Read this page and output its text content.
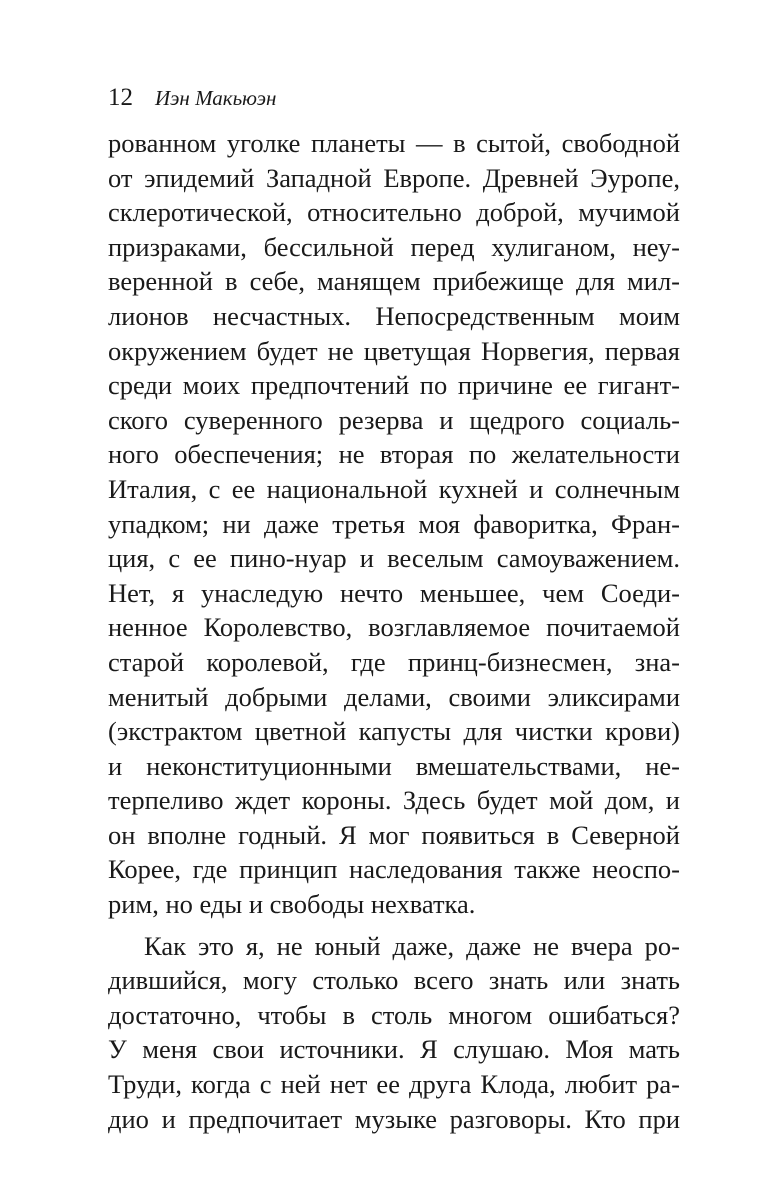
12 Иэн Макьюэн
рованном уголке планеты — в сытой, свободной
от эпидемий Западной Европе. Древней Эуропе,
склеротической, относительно доброй, мучимой
призраками, бессильной перед хулиганом, неу-
веренной в себе, манящем прибежище для мил-
лионов несчастных. Непосредственным моим
окружением будет не цветущая Норвегия, первая
среди моих предпочтений по причине ее гигант-
ского суверенного резерва и щедрого социаль-
ного обеспечения; не вторая по желательности
Италия, с ее национальной кухней и солнечным
упадком; ни даже третья моя фаворитка, Фран-
ция, с ее пино-нуар и веселым самоуважением.
Нет, я унаследую нечто меньшее, чем Соеди-
ненное Королевство, возглавляемое почитаемой
старой королевой, где принц-бизнесмен, зна-
менитый добрыми делами, своими эликсирами
(экстрактом цветной капусты для чистки крови)
и неконституционными вмешательствами, не-
терпеливо ждет короны. Здесь будет мой дом, и
он вполне годный. Я мог появиться в Северной
Корее, где принцип наследования также неоспо-
рим, но еды и свободы нехватка.
Как это я, не юный даже, даже не вчера ро-
дившийся, могу столько всего знать или знать
достаточно, чтобы в столь многом ошибаться?
У меня свои источники. Я слушаю. Моя мать
Труди, когда с ней нет ее друга Клода, любит ра-
дио и предпочитает музыке разговоры. Кто при
